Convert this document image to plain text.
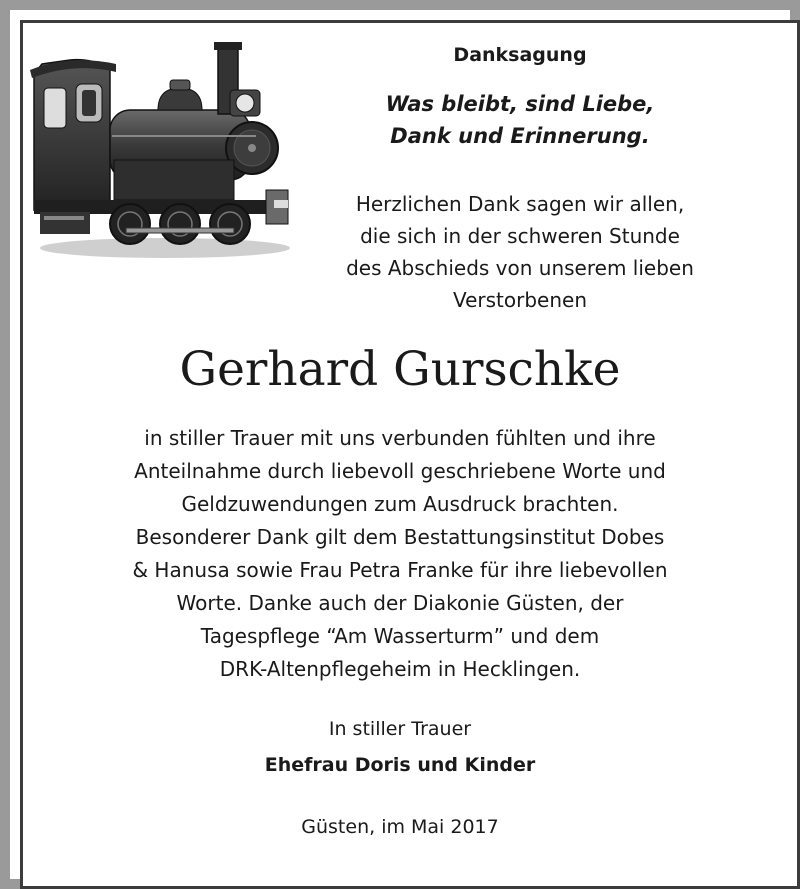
Danksagung
Was bleibt, sind Liebe,
Dank und Erinnerung.
Herzlichen Dank sagen wir allen,
die sich in der schweren Stunde
des Abschieds von unserem lieben
Verstorbenen
Gerhard Gurschke
in stiller Trauer mit uns verbunden fühlten und ihre
Anteilnahme durch liebevoll geschriebene Worte und
Geldzuwendungen zum Ausdruck brachten.
Besonderer Dank gilt dem Bestattungsinstitut Dobes
& Hanusa sowie Frau Petra Franke für ihre liebevollen
Worte. Danke auch der Diakonie Güsten, der
Tagespflege “Am Wasserturm” und dem
DRK-Altenpflegeheim in Hecklingen.
In stiller Trauer
Ehefrau Doris und Kinder
Güsten, im Mai 2017
